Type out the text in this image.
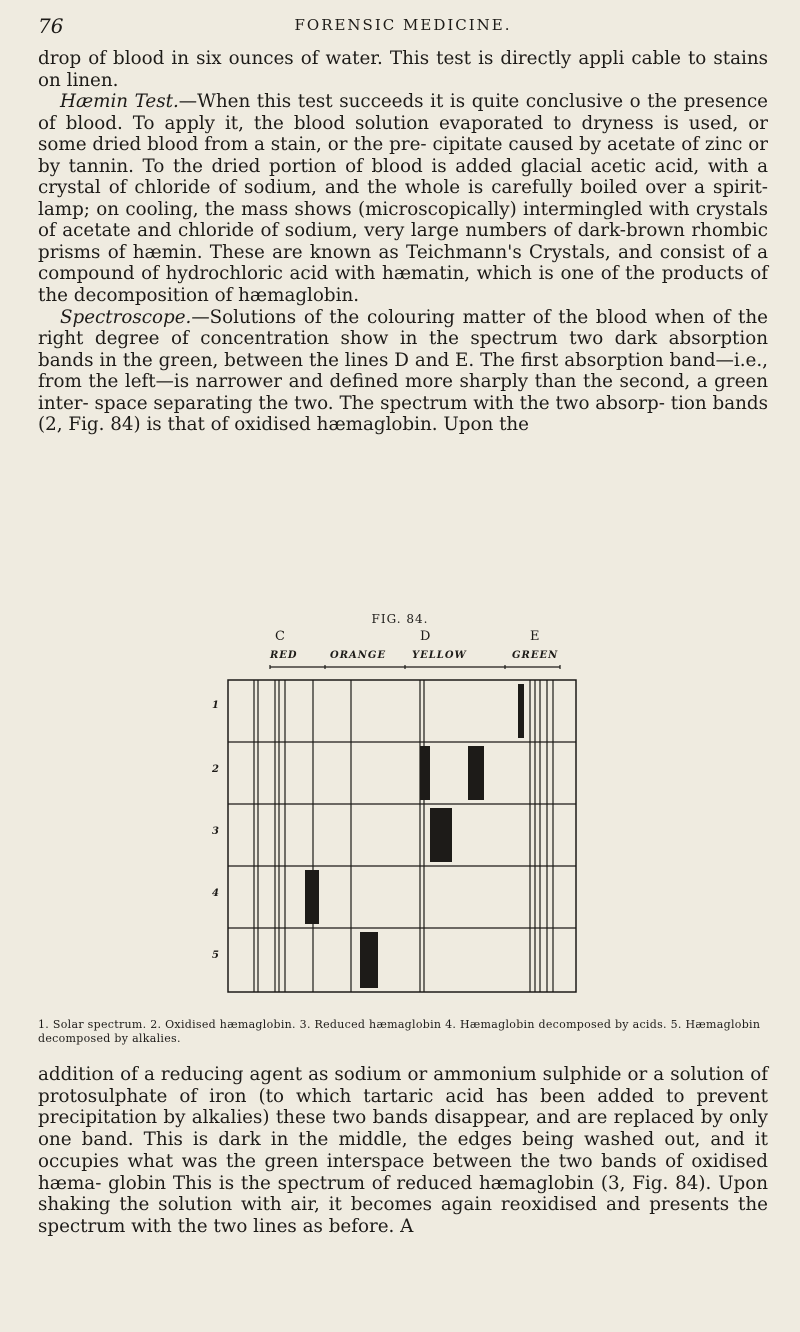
76	FORENSIC MEDICINE.

drop of blood in six ounces of water. This test is directly appli cable to stains on linen.

Hæmin Test.—When this test succeeds it is quite conclusive o the presence of blood. To apply it, the blood solution evaporated to dryness is used, or some dried blood from a stain, or the pre- cipitate caused by acetate of zinc or by tannin. To the dried portion of blood is added glacial acetic acid, with a crystal of chloride of sodium, and the whole is carefully boiled over a spirit- lamp; on cooling, the mass shows (microscopically) intermingled with crystals of acetate and chloride of sodium, very large numbers of dark-brown rhombic prisms of hæmin. These are known as Teichmann's Crystals, and consist of a compound of hydrochloric acid with hæmatin, which is one of the products of the decomposition of hæmaglobin.

Spectroscope.—Solutions of the colouring matter of the blood when of the right degree of concentration show in the spectrum two dark absorption bands in the green, between the lines D and E. The first absorption band—i.e., from the left—is narrower and defined more sharply than the second, a green inter- space separating the two. The spectrum with the two absorp- tion bands (2, Fig. 84) is that of oxidised hæmaglobin. Upon the

FIG. 84.
C	D	E
RED	ORANGE	YELLOW	GREEN
1
2
3
4
5
1. Solar spectrum. 2. Oxidised hæmaglobin. 3. Reduced hæmaglobin 4. Hæmaglobin decomposed by acids. 5. Hæmaglobin decomposed by alkalies.

addition of a reducing agent as sodium or ammonium sulphide or a solution of protosulphate of iron (to which tartaric acid has been added to prevent precipitation by alkalies) these two bands disappear, and are replaced by only one band. This is dark in the middle, the edges being washed out, and it occupies what was the green interspace between the two bands of oxidised hæma- globin This is the spectrum of reduced hæmaglobin (3, Fig. 84). Upon shaking the solution with air, it becomes again reoxidised and presents the spectrum with the two lines as before. A
